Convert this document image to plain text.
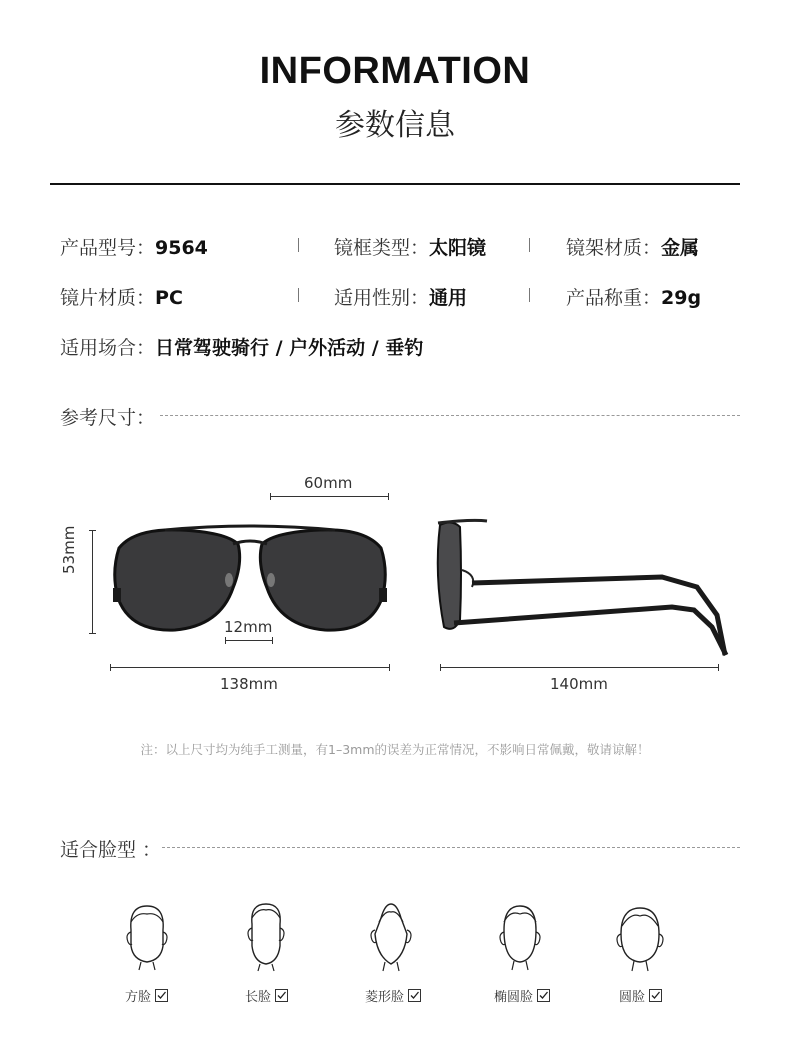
INFORMATION
参数信息
产品型号：9564	镜框类型：太阳镜	镜架材质：金属
镜片材质：PC	适用性别：通用	产品称重：29g
适用场合：日常驾驶骑行 / 户外活动 / 垂钓
参考尺寸：
60mm
53mm
12mm
138mm	140mm
注：以上尺寸均为纯手工测量，有1–3mm的误差为正常情况，不影响日常佩戴，敬请谅解！
适合脸型 ：
方脸	长脸	菱形脸	椭圆脸	圆脸
